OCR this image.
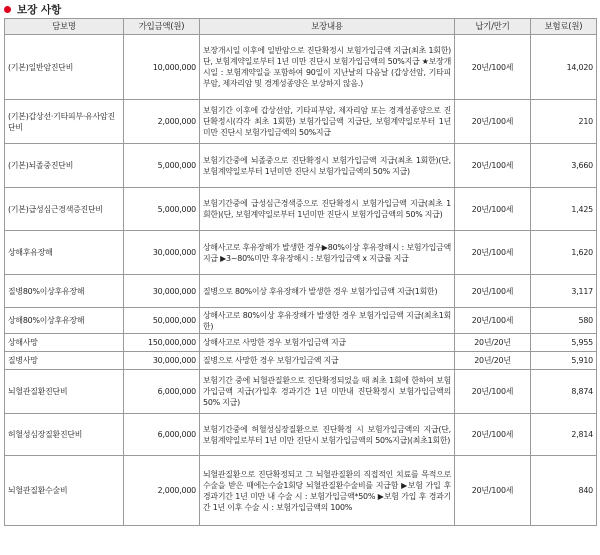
보장 사항
담보명	가입금액(원)	보장내용	납기/만기	보험료(원)
(기본)일반암진단비	10,000,000	보장개시일 이후에 일반암으로 진단확정시 보험가입금액 지급(최초 1회한)단, 보험계약일로부터 1년 미만 진단시 보험가입금액의 50%지급 ★보장개시일 : 보험계약일을 포함하여 90일이 지난날의 다음날 (갑상선암, 기타피부암, 제자리암 및 경계성종양은 보상하지 않음.)	20년/100세	14,020
(기본)갑상선·기타피부·유사암진단비	2,000,000	보험기간 이후에 갑상선암, 기타피부암, 제자리암 또는 경계성종양으로 진단확정시(각각 최초 1회한) 보험가입금액 지급단, 보험계약일로부터 1년 미만 진단시 보험가입금액의 50%지급	20년/100세	210
(기본)뇌졸중진단비	5,000,000	보험기간중에 뇌졸중으로 진단확정시 보험가입금액 지급(최초 1회한)(단, 보험계약일로부터 1년미만 진단시 보험가입금액의 50% 지급)	20년/100세	3,660
(기본)급성심근경색증진단비	5,000,000	보험기간중에 급성심근경색증으로 진단확정시 보험가입금액 지급(최초 1회한)(단, 보험계약일로부터 1년미만 진단시 보험가입금액의 50% 지급)	20년/100세	1,425
상해후유장해	30,000,000	상해사고로 후유장해가 발생한 경우▶80%이상 후유장해시 : 보험가입금액 지급 ▶3~80%미만 후유장해시 : 보험가입금액 x 지급률 지급	20년/100세	1,620
질병80%이상후유장해	30,000,000	질병으로 80%이상 후유장해가 발생한 경우 보험가입금액 지급(1회한)	20년/100세	3,117
상해80%이상후유장해	50,000,000	상해사고로 80%이상 후유장해가 발생한 경우 보험가입금액 지급(최초1회한)	20년/100세	580
상해사망	150,000,000	상해사고로 사망한 경우 보험가입금액 지급	20년/20년	5,955
질병사망	30,000,000	질병으로 사망한 경우 보험가입금액 지급	20년/20년	5,910
뇌혈관질환진단비	6,000,000	보험기간 중에 뇌혈관질환으로 진단확정되었을 때 최초 1회에 한하여 보험가입금액 지급(가입후 경과기간 1년 미만내 진단확정시 보험가입금액의 50% 지급)	20년/100세	8,874
허혈성심장질환진단비	6,000,000	보험기간중에 허혈성심장질환으로 진단확정 시 보험가입금액의 지급(단, 보험계약일로부터 1년 미만 진단시 보험가입금액의 50%지급)(최초1회한)	20년/100세	2,814
뇌혈관질환수술비	2,000,000	뇌혈관질환으로 진단확정되고 그 뇌혈관질환의 직접적인 치료를 목적으로 수술을 받은 때에는수술1회당 뇌혈관질환수술비를 지급함 ▶보험 가입 후 경과기간 1년 미만 내 수술 시 : 보험가입금액*50% ▶보험 가입 후 경과기간 1년 이후 수술 시 : 보험가입금액의 100%	20년/100세	840
